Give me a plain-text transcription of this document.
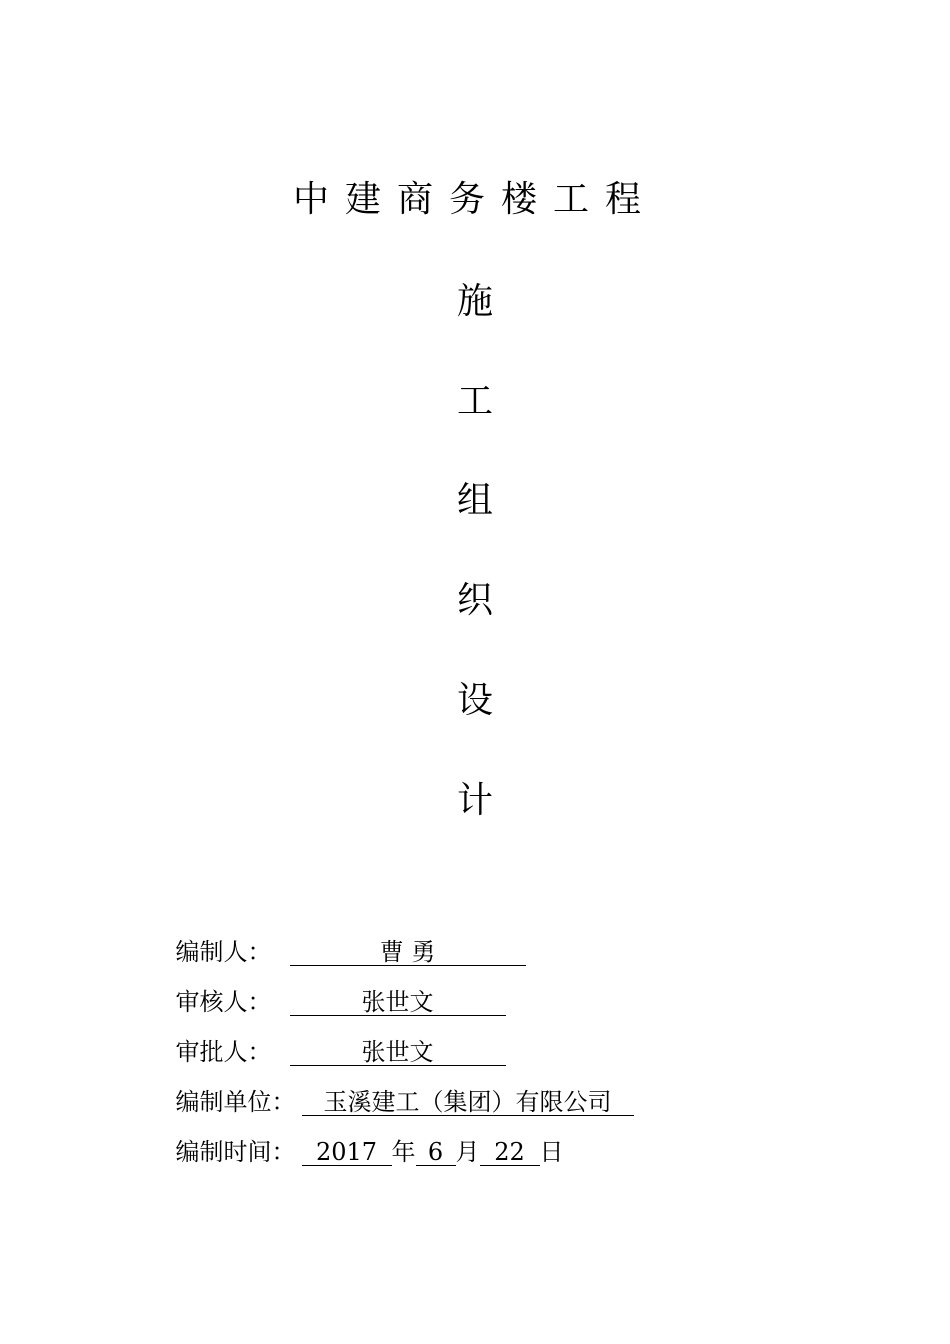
中建商务楼工程
施
工
组
织
设
计

编制人：	曹 勇

审核人：	张世文

审批人：	张世文

编制单位： 玉溪建工（集团）有限公司

编制时间： 2017 年 6 月 22 日
